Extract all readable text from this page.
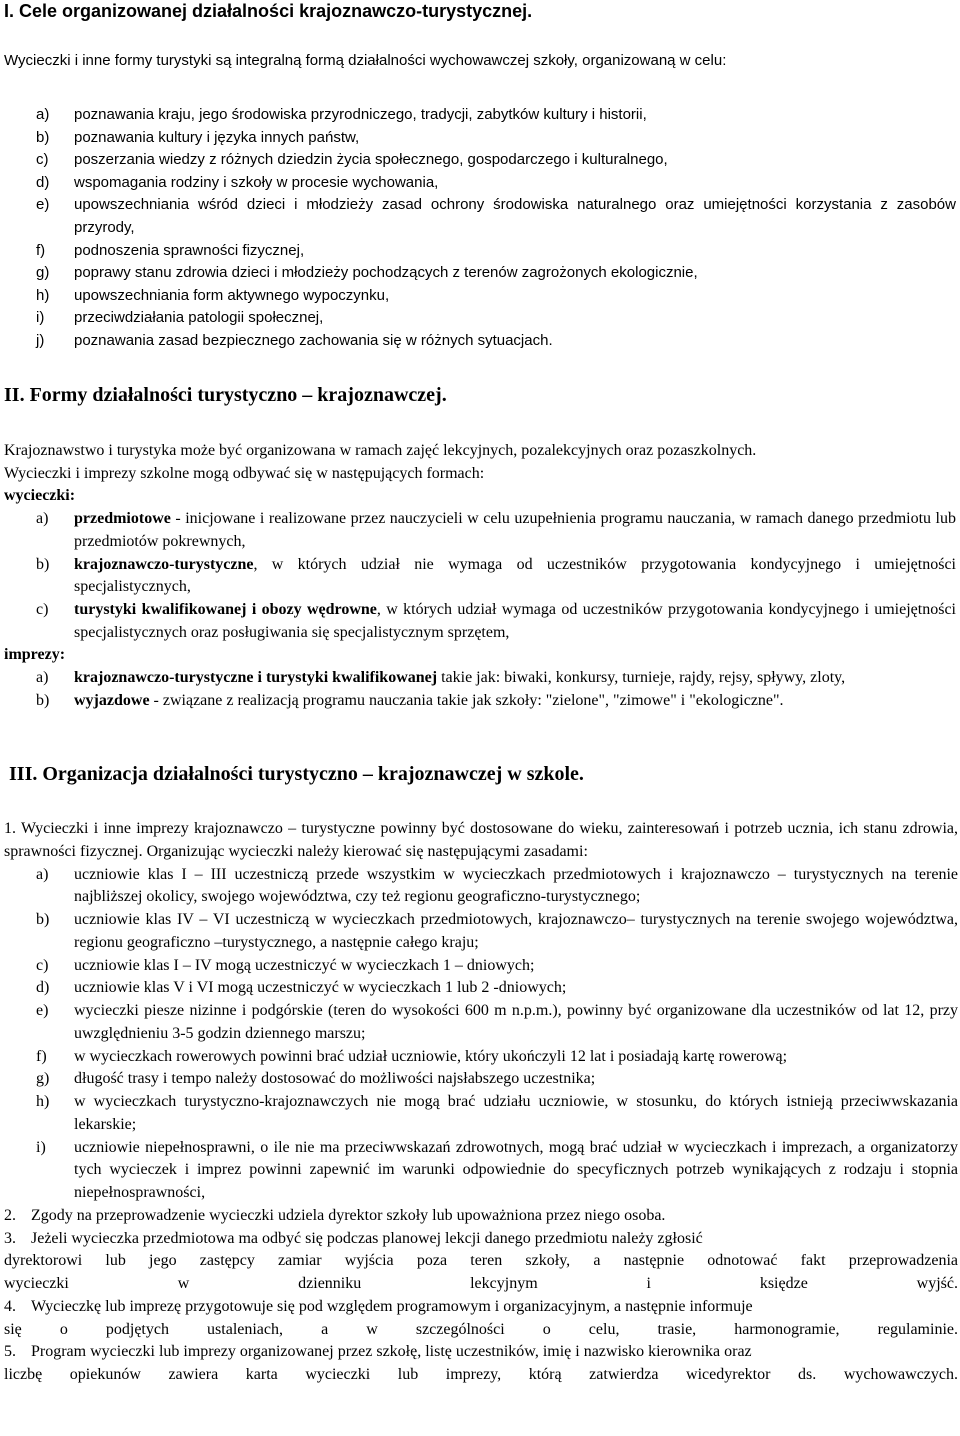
I. Cele organizowanej działalności krajoznawczo-turystycznej.

Wycieczki i inne formy turystyki są integralną formą działalności wychowawczej szkoły, organizowaną w celu:

a) poznawania kraju, jego środowiska przyrodniczego, tradycji, zabytków kultury i historii,
b) poznawania kultury i języka innych państw,
c) poszerzania wiedzy z różnych dziedzin życia społecznego, gospodarczego i kulturalnego,
d) wspomagania rodziny i szkoły w procesie wychowania,
e) upowszechniania wśród dzieci i młodzieży zasad ochrony środowiska naturalnego oraz umiejętności korzystania z zasobów przyrody,
f) podnoszenia sprawności fizycznej,
g) poprawy stanu zdrowia dzieci i młodzieży pochodzących z terenów zagrożonych ekologicznie,
h) upowszechniania form aktywnego wypoczynku,
i) przeciwdziałania patologii społecznej,
j) poznawania zasad bezpiecznego zachowania się w różnych sytuacjach.
II. Formy działalności turystyczno – krajoznawczej.

Krajoznawstwo i turystyka może być organizowana w ramach zajęć lekcyjnych, pozalekcyjnych oraz pozaszkolnych.

Wycieczki i imprezy szkolne mogą odbywać się w następujących formach:

wycieczki:

a) przedmiotowe - inicjowane i realizowane przez nauczycieli w celu uzupełnienia programu nauczania, w ramach danego przedmiotu lub przedmiotów pokrewnych,
b) krajoznawczo-turystyczne, w których udział nie wymaga od uczestników przygotowania kondycyjnego i umiejętności specjalistycznych,
c) turystyki kwalifikowanej i obozy wędrowne, w których udział wymaga od uczestników przygotowania kondycyjnego i umiejętności specjalistycznych oraz posługiwania się specjalistycznym sprzętem,

imprezy:

a) krajoznawczo-turystyczne i turystyki kwalifikowanej takie jak: biwaki, konkursy, turnieje, rajdy, rejsy, spływy, zloty,
b) wyjazdowe - związane z realizacją programu nauczania takie jak szkoły: "zielone", "zimowe" i "ekologiczne".
III. Organizacja działalności turystyczno – krajoznawczej w szkole.

1. Wycieczki i inne imprezy krajoznawczo – turystyczne powinny być dostosowane do wieku, zainteresowań i potrzeb ucznia, ich stanu zdrowia, sprawności fizycznej. Organizując wycieczki należy kierować się następującymi zasadami:

a) uczniowie klas I – III uczestniczą przede wszystkim w wycieczkach przedmiotowych i krajoznawczo – turystycznych na terenie najbliższej okolicy, swojego województwa, czy też regionu geograficzno-turystycznego;
b) uczniowie klas IV – VI uczestniczą w wycieczkach przedmiotowych, krajoznawczo– turystycznych na terenie swojego województwa, regionu geograficzno –turystycznego, a następnie całego kraju;
c) uczniowie klas I – IV mogą uczestniczyć w wycieczkach 1 – dniowych;
d) uczniowie klas V i VI mogą uczestniczyć w wycieczkach 1 lub 2 -dniowych;
e) wycieczki piesze nizinne i podgórskie (teren do wysokości 600 m n.p.m.), powinny być organizowane dla uczestników od lat 12, przy uwzględnieniu 3-5 godzin dziennego marszu;
f) w wycieczkach rowerowych powinni brać udział uczniowie, który ukończyli 12 lat i posiadają kartę rowerową;
g) długość trasy i tempo należy dostosować do możliwości najsłabszego uczestnika;
h) w wycieczkach turystyczno-krajoznawczych nie mogą brać udziału uczniowie, w stosunku, do których istnieją przeciwwskazania lekarskie;
i) uczniowie niepełnosprawni, o ile nie ma przeciwwskazań zdrowotnych, mogą brać udział w wycieczkach i imprezach, a organizatorzy tych wycieczek i imprez powinni zapewnić im warunki odpowiednie do specyficznych potrzeb wynikających z rodzaju i stopnia niepełnosprawności,

2. Zgody na przeprowadzenie wycieczki udziela dyrektor szkoły lub upoważniona przez niego osoba.

3. Jeżeli wycieczka przedmiotowa ma odbyć się podczas planowej lekcji danego przedmiotu należy zgłosić

dyrektorowi lub jego zastępcy zamiar wyjścia poza teren szkoły, a następnie odnotować fakt przeprowadzenia

wycieczki w dzienniku lekcyjnym i księdze wyjść.

4. Wycieczkę lub imprezę przygotowuje się pod względem programowym i organizacyjnym, a następnie informuje

się o podjętych ustaleniach, a w szczególności o celu, trasie, harmonogramie, regulaminie.

5. Program wycieczki lub imprezy organizowanej przez szkołę, listę uczestników, imię i nazwisko kierownika oraz

liczbę opiekunów zawiera karta wycieczki lub imprezy, którą zatwierdza wicedyrektor ds. wychowawczych.
